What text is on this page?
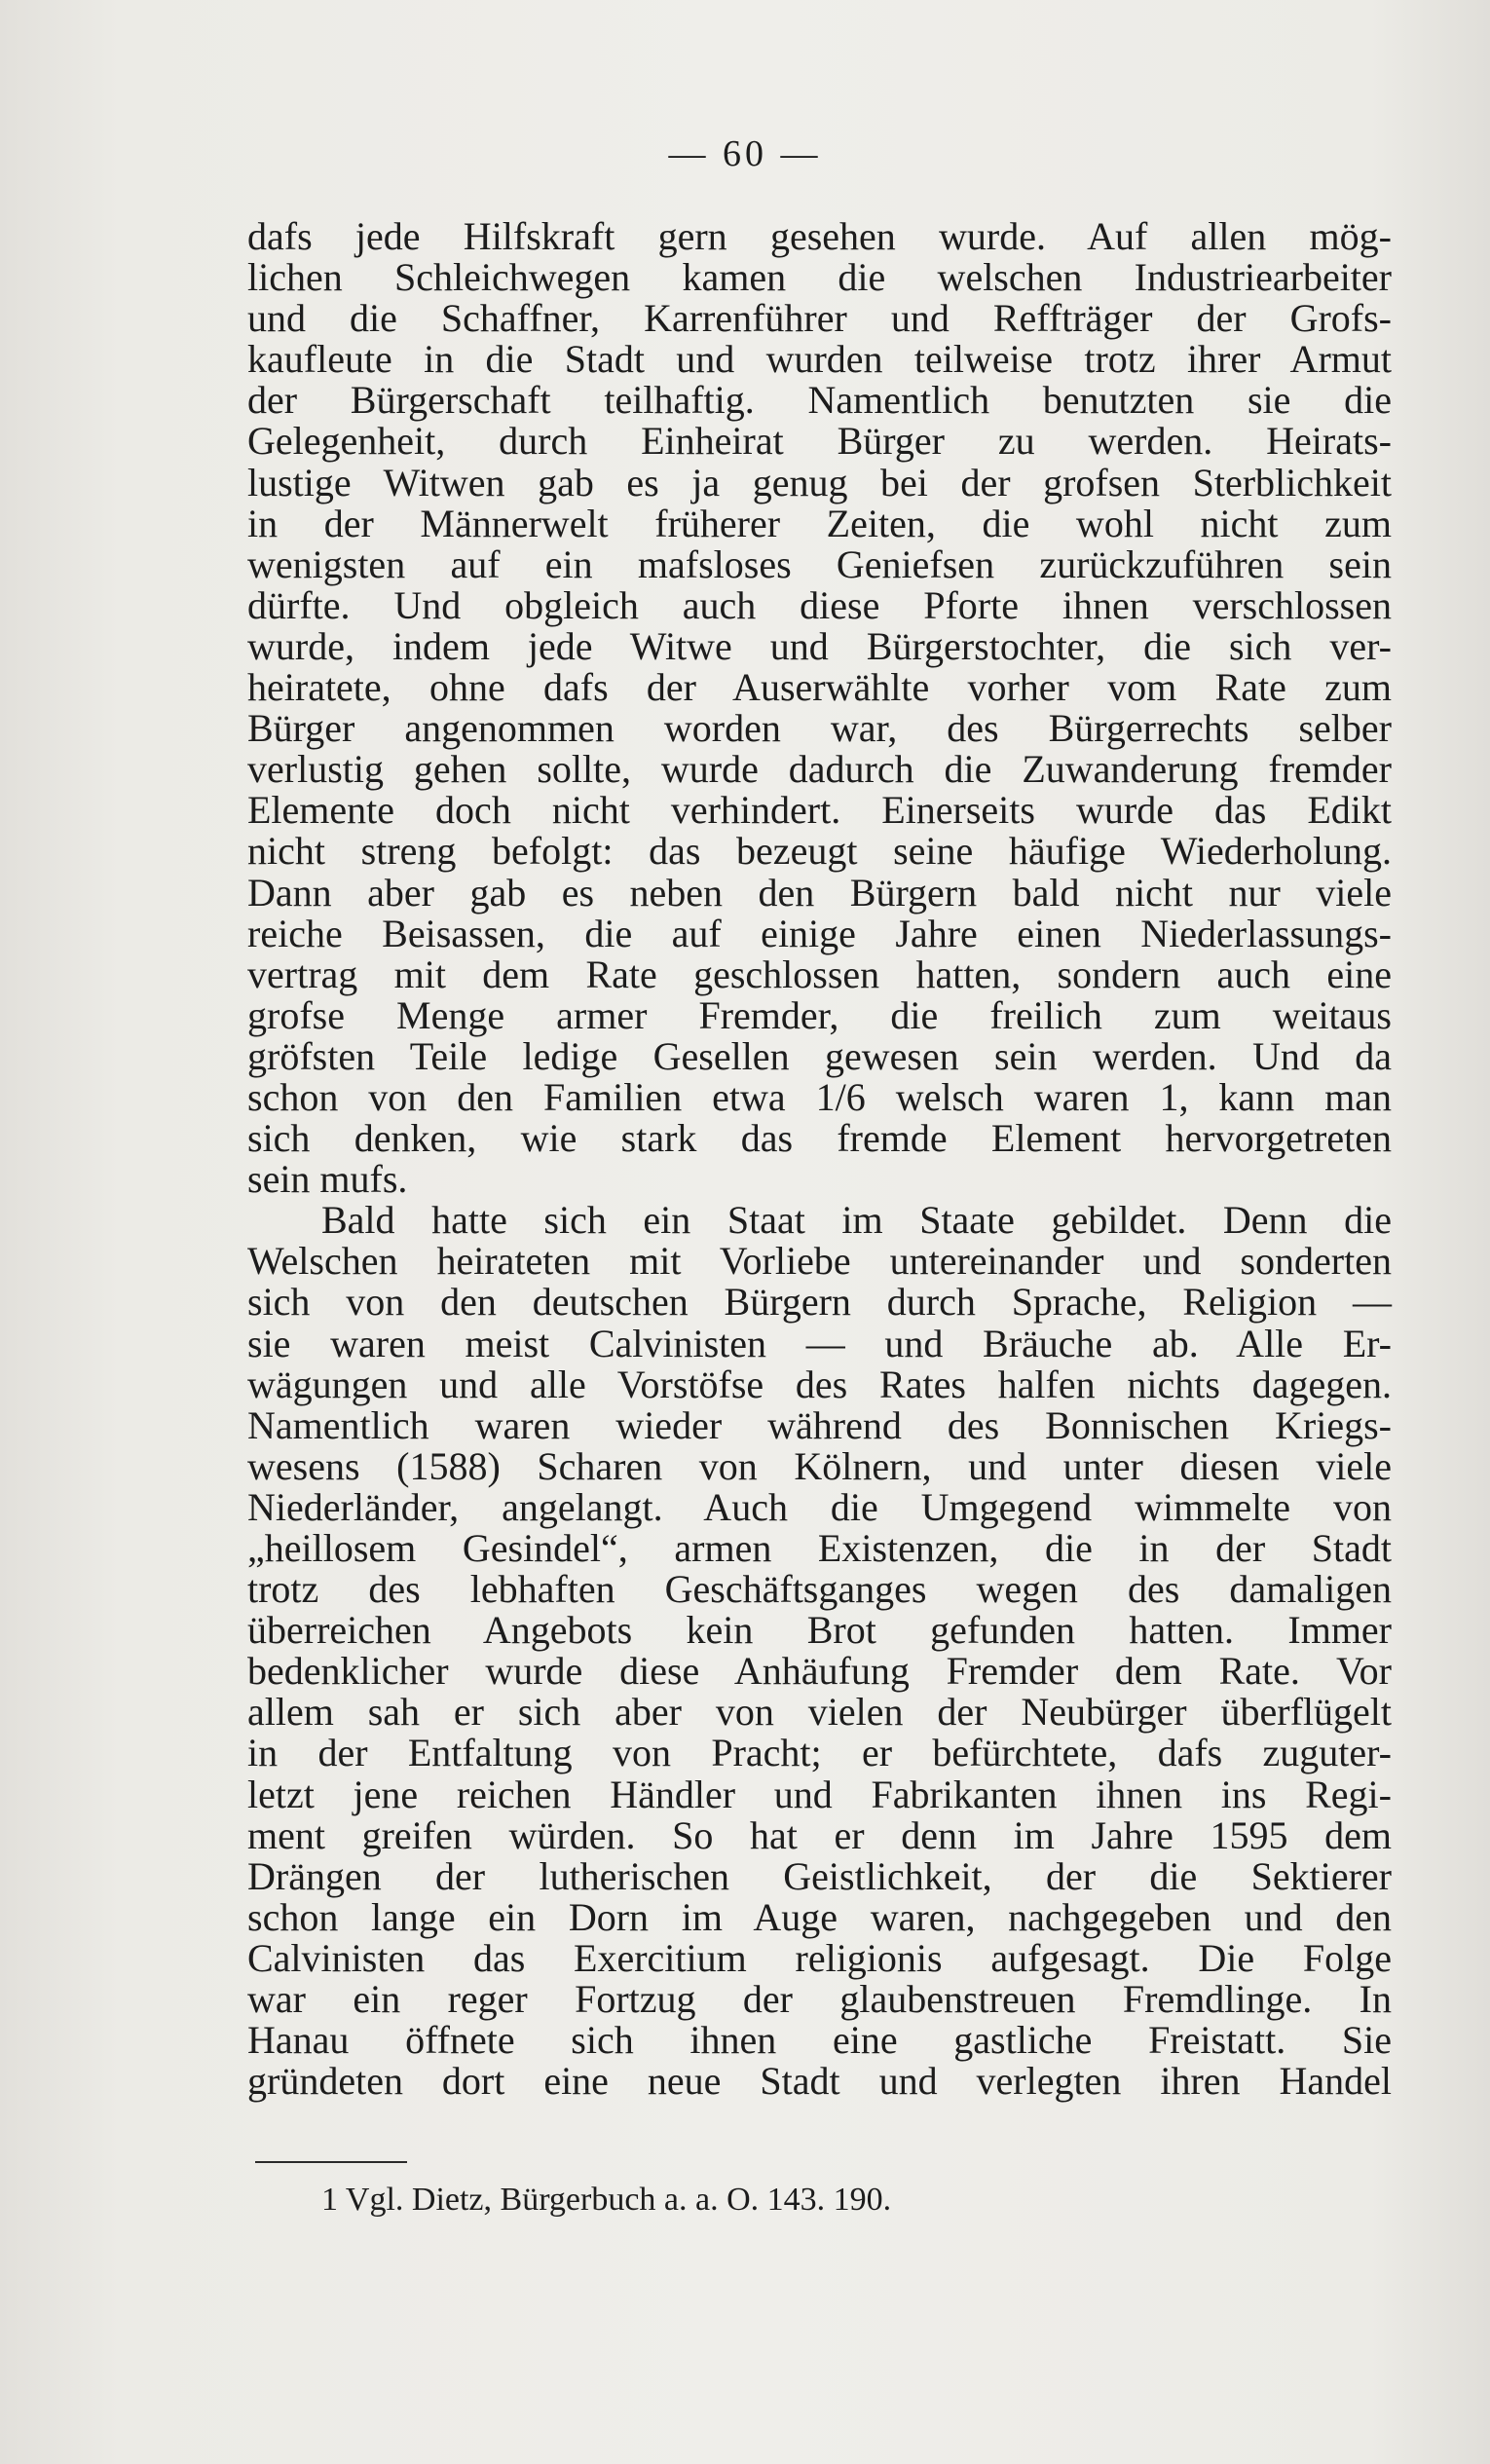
— 60 —
dafs jede Hilfskraft gern gesehen wurde. Auf allen mög-
lichen Schleichwegen kamen die welschen Industriearbeiter
und die Schaffner, Karrenführer und Reffträger der Grofs-
kaufleute in die Stadt und wurden teilweise trotz ihrer Armut
der Bürgerschaft teilhaftig. Namentlich benutzten sie die
Gelegenheit, durch Einheirat Bürger zu werden. Heirats-
lustige Witwen gab es ja genug bei der grofsen Sterblichkeit
in der Männerwelt früherer Zeiten, die wohl nicht zum
wenigsten auf ein mafsloses Geniefsen zurückzuführen sein
dürfte. Und obgleich auch diese Pforte ihnen verschlossen
wurde, indem jede Witwe und Bürgerstochter, die sich ver-
heiratete, ohne dafs der Auserwählte vorher vom Rate zum
Bürger angenommen worden war, des Bürgerrechts selber
verlustig gehen sollte, wurde dadurch die Zuwanderung fremder
Elemente doch nicht verhindert. Einerseits wurde das Edikt
nicht streng befolgt: das bezeugt seine häufige Wiederholung.
Dann aber gab es neben den Bürgern bald nicht nur viele
reiche Beisassen, die auf einige Jahre einen Niederlassungs-
vertrag mit dem Rate geschlossen hatten, sondern auch eine
grofse Menge armer Fremder, die freilich zum weitaus
gröfsten Teile ledige Gesellen gewesen sein werden. Und da
schon von den Familien etwa 1/6 welsch waren 1, kann man
sich denken, wie stark das fremde Element hervorgetreten
sein mufs.
Bald hatte sich ein Staat im Staate gebildet. Denn die
Welschen heirateten mit Vorliebe untereinander und sonderten
sich von den deutschen Bürgern durch Sprache, Religion —
sie waren meist Calvinisten — und Bräuche ab. Alle Er-
wägungen und alle Vorstöfse des Rates halfen nichts dagegen.
Namentlich waren wieder während des Bonnischen Kriegs-
wesens (1588) Scharen von Kölnern, und unter diesen viele
Niederländer, angelangt. Auch die Umgegend wimmelte von
„heillosem Gesindel“, armen Existenzen, die in der Stadt
trotz des lebhaften Geschäftsganges wegen des damaligen
überreichen Angebots kein Brot gefunden hatten. Immer
bedenklicher wurde diese Anhäufung Fremder dem Rate. Vor
allem sah er sich aber von vielen der Neubürger überflügelt
in der Entfaltung von Pracht; er befürchtete, dafs zuguter-
letzt jene reichen Händler und Fabrikanten ihnen ins Regi-
ment greifen würden. So hat er denn im Jahre 1595 dem
Drängen der lutherischen Geistlichkeit, der die Sektierer
schon lange ein Dorn im Auge waren, nachgegeben und den
Calvinisten das Exercitium religionis aufgesagt. Die Folge
war ein reger Fortzug der glaubenstreuen Fremdlinge. In
Hanau öffnete sich ihnen eine gastliche Freistatt. Sie
gründeten dort eine neue Stadt und verlegten ihren Handel
1 Vgl. Dietz, Bürgerbuch a. a. O. 143. 190.
